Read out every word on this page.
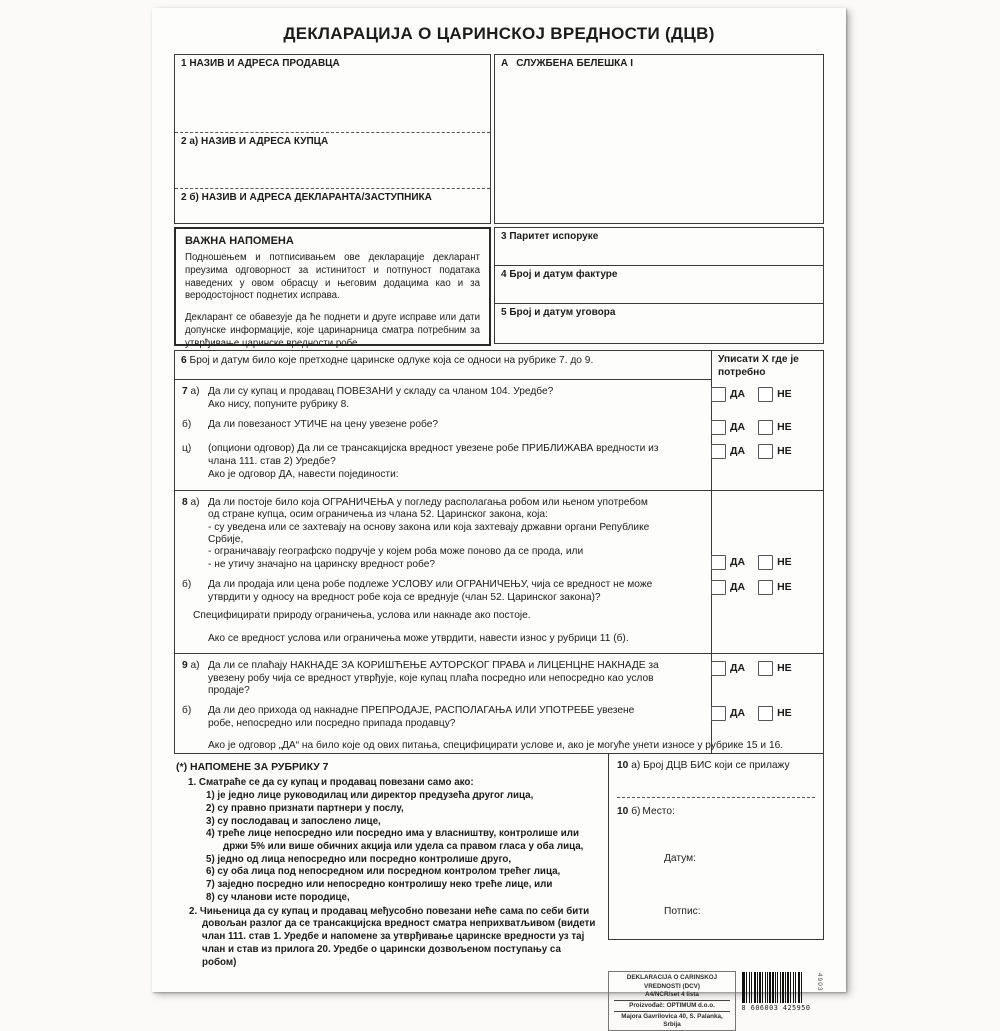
ДЕКЛАРАЦИЈА О ЦАРИНСКОЈ ВРЕДНОСТИ (ДЦВ)
1 НАЗИВ И АДРЕСА ПРОДАВЦА
2 а) НАЗИВ И АДРЕСА КУПЦА
2 б) НАЗИВ И АДРЕСА ДЕКЛАРАНТА/ЗАСТУПНИКА
ВАЖНА НАПОМЕНА

Подношењем и потписивањем ове декларације декларант преузима одговорност за истинитост и потпуност података наведених у овом обрасцу и његовим додацима као и за веродостојност поднетих исправа.

Декларант се обавезује да ће поднети и друге исправе или дати допунске информације, које царинарница сматра потребним за утврђивање царинске вредности робе.

А СЛУЖБЕНА БЕЛЕШКА I
3 Паритет испоруке
4 Број и датум фактуре
5 Број и датум уговора
6 Број и датум било које претходне царинске одлуке која се односи на рубрике 7. до 9.	Уписати Х где је потребно
7 а) Да ли су купац и продавац ПОВЕЗАНИ у складу са чланом 104. Уредбе?
Ако нису, попуните рубрику 8.
ДА	НЕ
б)	Да ли повезаност УТИЧЕ на цену увезене робе?	ДА	НЕ
ц)	(опциони одговор) Да ли се трансакцијска вредност увезене робе ПРИБЛИЖАВА вредности из члана 111. став 2) Уредбе?
Ако је одговор ДА, навести појединости:
ДА	НЕ
8 а) Да ли постоје било која ОГРАНИЧЕЊА у погледу располагања робом или њеном употребом од стране купца, осим ограничења из члана 52. Царинског закона, која:
- су уведена или се захтевају на основу закона или која захтевају државни органи Републике Србије,
- ограничавају географско подручје у којем роба може поново да се прода, или
- не утичу значајно на царинску вредност робе?	ДА	НЕ
б)	Да ли продаја или цена робе подлеже УСЛОВУ или ОГРАНИЧЕЊУ, чија се вредност не може утврдити у односу на вредност робе која се вреднује (члан 52. Царинског закона)?
ДА	НЕ
Специфицирати природу ограничења, услова или накнаде ако постоје.
Ако се вредност услова или ограничења може утврдити, навести износ у рубрици 11 (б).
9 а) Да ли се плаћају НАКНАДЕ ЗА КОРИШЋЕЊЕ АУТОРСКОГ ПРАВА и ЛИЦЕНЦНЕ НАКНАДЕ за увезену робу чија се вредност утврђује, које купац плаћа посредно или непосредно као услов продаје?
ДА	НЕ
б)	Да ли део прихода од накнадне ПРЕПРОДАЈЕ, РАСПОЛАГАЊА ИЛИ УПОТРЕБЕ увезене робе, непосредно или посредно припада продавцу?
ДА	НЕ
Ако је одговор „ДА“ на било које од ових питања, специфицирати услове и, ако је могуће унети износе у рубрике 15 и 16.
(*) НАПОМЕНЕ ЗА РУБРИКУ 7
1. Сматраће се да су купац и продавац повезани само ако:
1) је једно лице руководилац или директор предузећа другог лица,
2) су правно признати партнери у послу,
3) су послодавац и запослено лице,
4) треће лице непосредно или посредно има у власништву, контролише или држи 5% или више обичних акција или удела са правом гласа у оба лица,
5) једно од лица непосредно или посредно контролише друго,
6) су оба лица под непосредном или посредном контролом трећег лица,
7) заједно посредно или непосредно контролишу неко треће лице, или
8) су чланови исте породице,
2. Чињеница да су купац и продавац међусобно повезани неће сама по себи бити довољан разлог да се трансакцијска вредност сматра неприхватљивом (видети члан 111. став 1. Уредбе и напомене за утврђивање царинске вредности уз тај члан и став из прилога 20. Уредбе о царински дозвољеном поступању са робом)
10 а) Број ДЦВ БИС који се прилажу
10
б) Место:
Датум:
Потпис:
DEKLARACIJA O CARINSKOJ VREDNOSTI (DCV)
A4/NCR/set 4 lista
Proizvođač: OPTIMUM d.o.o.
Majora Gavrilovica 40, S. Palanka, Srbija
8 606003 425950
4903
